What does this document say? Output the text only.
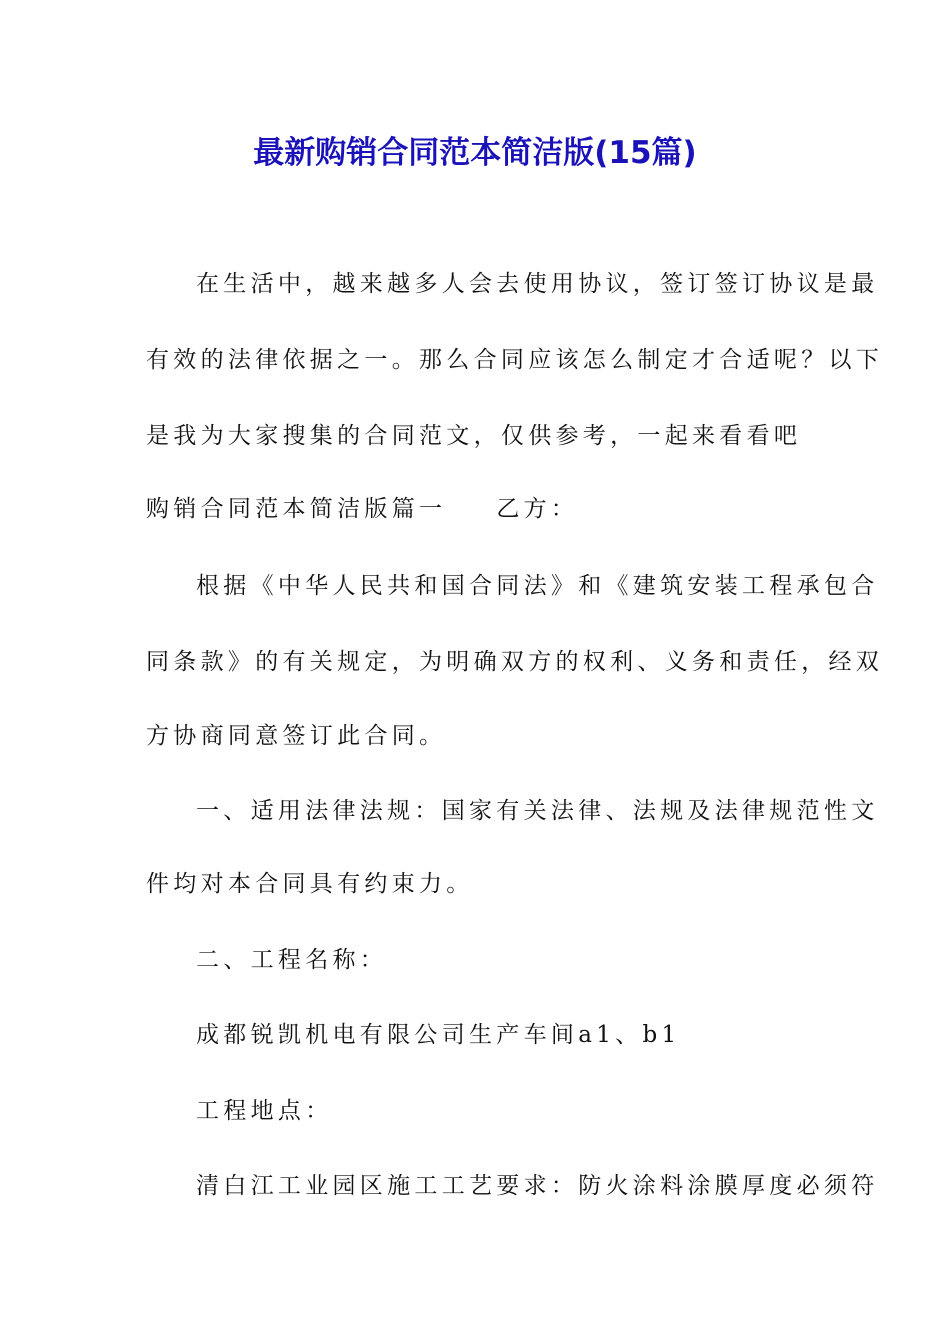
最新购销合同范本简洁版(15篇)
在生活中，越来越多人会去使用协议，签订签订协议是最
有效的法律依据之一。那么合同应该怎么制定才合适呢？以下
是我为大家搜集的合同范文，仅供参考，一起来看看吧
购销合同范本简洁版篇一 乙方：
根据《中华人民共和国合同法》和《建筑安装工程承包合
同条款》的有关规定，为明确双方的权利、义务和责任，经双
方协商同意签订此合同。
一、适用法律法规：国家有关法律、法规及法律规范性文
件均对本合同具有约束力。
二、工程名称：
成都锐凯机电有限公司生产车间a1、b1
工程地点：
清白江工业园区施工工艺要求：防火涂料涂膜厚度必须符
